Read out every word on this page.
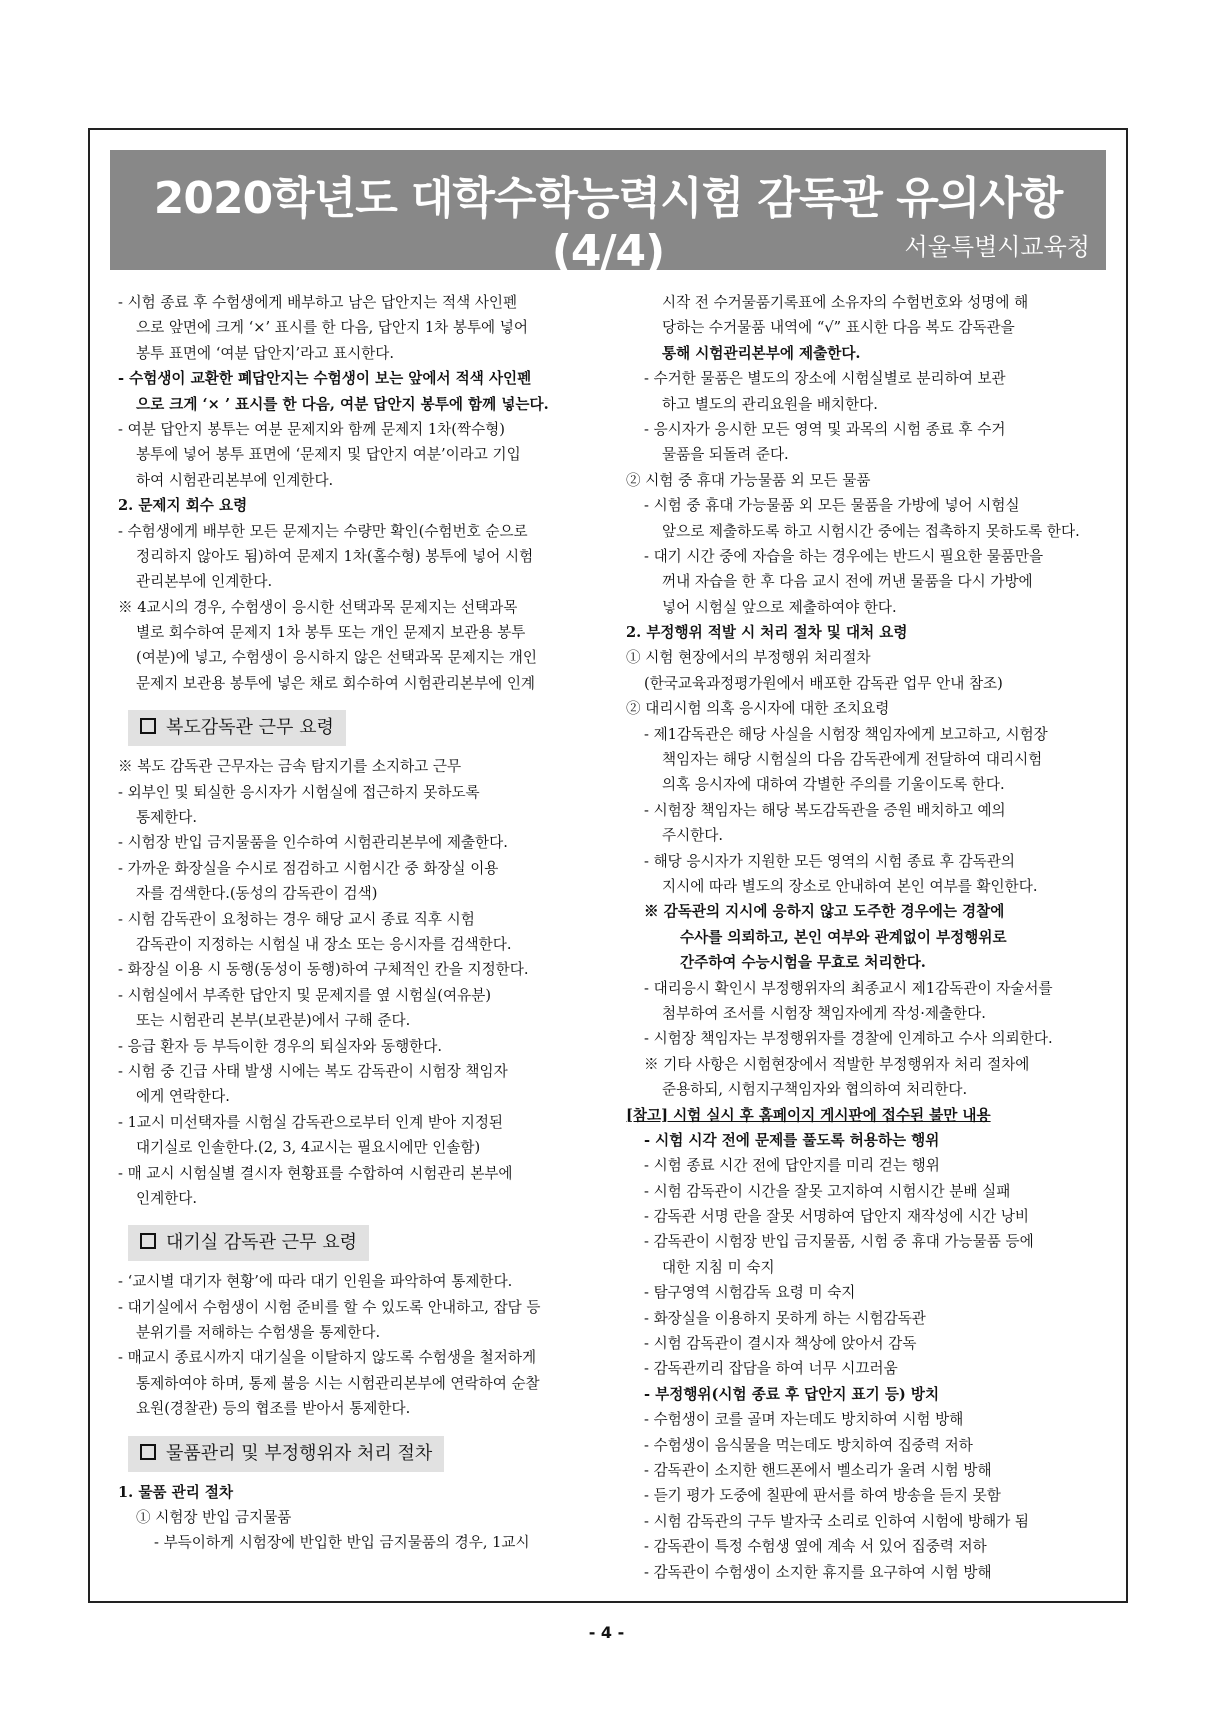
2020학년도 대학수학능력시험 감독관 유의사항(4/4)	서울특별시교육청
- 시험 종료 후 수험생에게 배부하고 남은 답안지는 적색 사인펜
으로 앞면에 크게 ‘×’ 표시를 한 다음, 답안지 1차 봉투에 넣어
봉투 표면에 ‘여분 답안지’라고 표시한다.
- 수험생이 교환한 폐답안지는 수험생이 보는 앞에서 적색 사인펜
으로 크게 ‘× ’ 표시를 한 다음, 여분 답안지 봉투에 함께 넣는다.
- 여분 답안지 봉투는 여분 문제지와 함께 문제지 1차(짝수형)
봉투에 넣어 봉투 표면에 ‘문제지 및 답안지 여분’이라고 기입
하여 시험관리본부에 인계한다.
2. 문제지 회수 요령
- 수험생에게 배부한 모든 문제지는 수량만 확인(수험번호 순으로
정리하지 않아도 됨)하여 문제지 1차(홀수형) 봉투에 넣어 시험
관리본부에 인계한다.
※ 4교시의 경우, 수험생이 응시한 선택과목 문제지는 선택과목
별로 회수하여 문제지 1차 봉투 또는 개인 문제지 보관용 봉투
(여분)에 넣고, 수험생이 응시하지 않은 선택과목 문제지는 개인
문제지 보관용 봉투에 넣은 채로 회수하여 시험관리본부에 인계
복도감독관 근무 요령
※ 복도 감독관 근무자는 금속 탐지기를 소지하고 근무
- 외부인 및 퇴실한 응시자가 시험실에 접근하지 못하도록
통제한다.
- 시험장 반입 금지물품을 인수하여 시험관리본부에 제출한다.
- 가까운 화장실을 수시로 점검하고 시험시간 중 화장실 이용
자를 검색한다.(동성의 감독관이 검색)
- 시험 감독관이 요청하는 경우 해당 교시 종료 직후 시험
감독관이 지정하는 시험실 내 장소 또는 응시자를 검색한다.
- 화장실 이용 시 동행(동성이 동행)하여 구체적인 칸을 지정한다.
- 시험실에서 부족한 답안지 및 문제지를 옆 시험실(여유분)
또는 시험관리 본부(보관분)에서 구해 준다.
- 응급 환자 등 부득이한 경우의 퇴실자와 동행한다.
- 시험 중 긴급 사태 발생 시에는 복도 감독관이 시험장 책임자
에게 연락한다.
- 1교시 미선택자를 시험실 감독관으로부터 인계 받아 지정된
대기실로 인솔한다.(2, 3, 4교시는 필요시에만 인솔함)
- 매 교시 시험실별 결시자 현황표를 수합하여 시험관리 본부에
인계한다.
대기실 감독관 근무 요령
- ‘교시별 대기자 현황’에 따라 대기 인원을 파악하여 통제한다.
- 대기실에서 수험생이 시험 준비를 할 수 있도록 안내하고, 잡담 등
분위기를 저해하는 수험생을 통제한다.
- 매교시 종료시까지 대기실을 이탈하지 않도록 수험생을 철저하게
통제하여야 하며, 통제 불응 시는 시험관리본부에 연락하여 순찰
요원(경찰관) 등의 협조를 받아서 통제한다.
물품관리 및 부정행위자 처리 절차
1. 물품 관리 절차
① 시험장 반입 금지물품
- 부득이하게 시험장에 반입한 반입 금지물품의 경우, 1교시
시작 전 수거물품기록표에 소유자의 수험번호와 성명에 해
당하는 수거물품 내역에 “√” 표시한 다음 복도 감독관을
통해 시험관리본부에 제출한다.
- 수거한 물품은 별도의 장소에 시험실별로 분리하여 보관
하고 별도의 관리요원을 배치한다.
- 응시자가 응시한 모든 영역 및 과목의 시험 종료 후 수거
물품을 되돌려 준다.
② 시험 중 휴대 가능물품 외 모든 물품
- 시험 중 휴대 가능물품 외 모든 물품을 가방에 넣어 시험실
앞으로 제출하도록 하고 시험시간 중에는 접촉하지 못하도록 한다.
- 대기 시간 중에 자습을 하는 경우에는 반드시 필요한 물품만을
꺼내 자습을 한 후 다음 교시 전에 꺼낸 물품을 다시 가방에
넣어 시험실 앞으로 제출하여야 한다.
2. 부정행위 적발 시 처리 절차 및 대처 요령
① 시험 현장에서의 부정행위 처리절차
(한국교육과정평가원에서 배포한 감독관 업무 안내 참조)
② 대리시험 의혹 응시자에 대한 조치요령
- 제1감독관은 해당 사실을 시험장 책임자에게 보고하고, 시험장
책임자는 해당 시험실의 다음 감독관에게 전달하여 대리시험
의혹 응시자에 대하여 각별한 주의를 기울이도록 한다.
- 시험장 책임자는 해당 복도감독관을 증원 배치하고 예의
주시한다.
- 해당 응시자가 지원한 모든 영역의 시험 종료 후 감독관의
지시에 따라 별도의 장소로 안내하여 본인 여부를 확인한다.
※ 감독관의 지시에 응하지 않고 도주한 경우에는 경찰에
수사를 의뢰하고, 본인 여부와 관계없이 부정행위로
간주하여 수능시험을 무효로 처리한다.
- 대리응시 확인시 부정행위자의 최종교시 제1감독관이 자술서를
첨부하여 조서를 시험장 책임자에게 작성·제출한다.
- 시험장 책임자는 부정행위자를 경찰에 인계하고 수사 의뢰한다.
※ 기타 사항은 시험현장에서 적발한 부정행위자 처리 절차에
준용하되, 시험지구책임자와 협의하여 처리한다.
[참고] 시험 실시 후 홈페이지 게시판에 접수된 불만 내용
- 시험 시각 전에 문제를 풀도록 허용하는 행위
- 시험 종료 시간 전에 답안지를 미리 걷는 행위
- 시험 감독관이 시간을 잘못 고지하여 시험시간 분배 실패
- 감독관 서명 란을 잘못 서명하여 답안지 재작성에 시간 낭비
- 감독관이 시험장 반입 금지물품, 시험 중 휴대 가능물품 등에
대한 지침 미 숙지
- 탐구영역 시험감독 요령 미 숙지
- 화장실을 이용하지 못하게 하는 시험감독관
- 시험 감독관이 결시자 책상에 앉아서 감독
- 감독관끼리 잡담을 하여 너무 시끄러움
- 부정행위(시험 종료 후 답안지 표기 등) 방치
- 수험생이 코를 골며 자는데도 방치하여 시험 방해
- 수험생이 음식물을 먹는데도 방치하여 집중력 저하
- 감독관이 소지한 핸드폰에서 벨소리가 울려 시험 방해
- 듣기 평가 도중에 칠판에 판서를 하여 방송을 듣지 못함
- 시험 감독관의 구두 발자국 소리로 인하여 시험에 방해가 됨
- 감독관이 특정 수험생 옆에 계속 서 있어 집중력 저하
- 감독관이 수험생이 소지한 휴지를 요구하여 시험 방해
- 4 -
